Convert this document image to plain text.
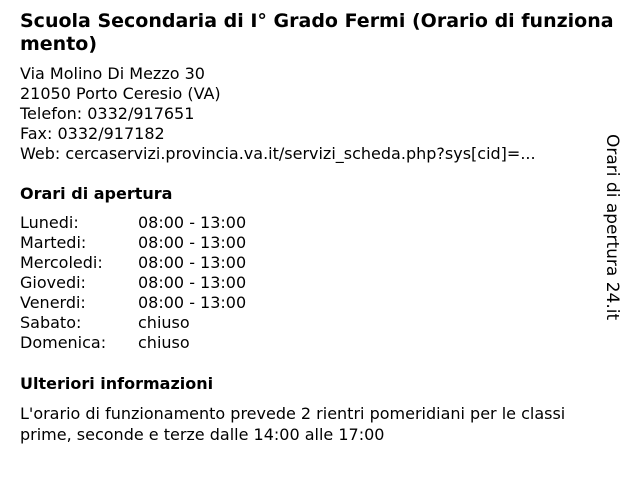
Scuola Secondaria di I° Grado Fermi (Orario di funzionamento)
Via Molino Di Mezzo 30
21050 Porto Ceresio (VA)
Telefon: 0332/917651
Fax: 0332/917182
Web: cercaservizi.provincia.va.it/servizi_scheda.php?sys[cid]=...
Orari di apertura
Lunedi:	08:00 - 13:00
Martedi:	08:00 - 13:00
Mercoledi:	08:00 - 13:00
Giovedi:	08:00 - 13:00
Venerdi:	08:00 - 13:00
Sabato:	chiuso
Domenica:	chiuso
Ulteriori informazioni
L'orario di funzionamento prevede 2 rientri pomeridiani per le classi prime, seconde e terze dalle 14:00 alle 17:00
Orari di apertura 24.it
